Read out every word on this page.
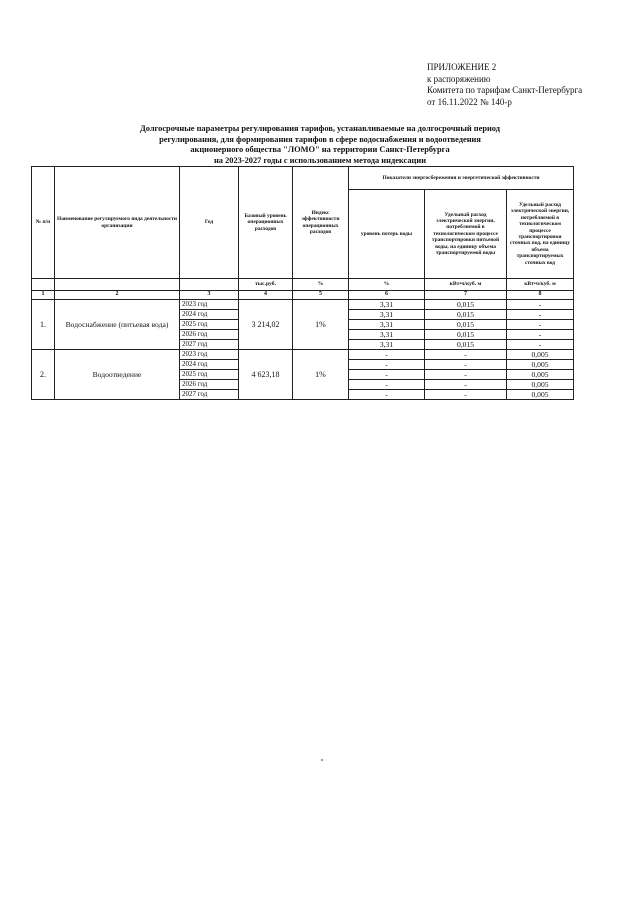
ПРИЛОЖЕНИЕ 2
к распоряжению
Комитета по тарифам Санкт-Петербурга
от 16.11.2022 № 140-р
Долгосрочные параметры регулирования тарифов, устанавливаемые на долгосрочный период
регулирования, для формирования тарифов в сфере водоснабжения и водоотведения
акционерного общества "ЛОМО" на территории Санкт-Петербурга
на 2023-2027 годы с использованием метода индексации
№ п/п	Наименование регулируемого вида деятельности организации	Год	Базовый уровень операционных расходов	Индекс эффективности операционных расходов	Показатели энергосбережения и энергетической эффективности		
					уровень потерь воды	Удельный расход электрической энергии, потребляемой в технологическом процессе транспортировки питьевой воды, на единицу объема транспортируемой воды	Удельный расход электрической энергии, потребляемой в технологическом процессе транспортировки сточных вод, на единицу объема транспортируемых сточных вод
			тыс.руб.	%	%	кВт•ч/куб. м	кВт•ч/куб. м
1	2	3	4	5	6	7	8
1.	Водоснабжение (питьевая вода)	2023 год	3 214,02	1%	3,31	0,015	-
		2024 год			3,31	0,015	-
		2025 год			3,31	0,015	-
		2026 год			3,31	0,015	-
		2027 год			3,31	0,015	-
2.	Водоотведение	2023 год	4 623,18	1%	-	-	0,005
		2024 год			-	-	0,005
		2025 год			-	-	0,005
		2026 год			-	-	0,005
		2027 год			-	-	0,005
